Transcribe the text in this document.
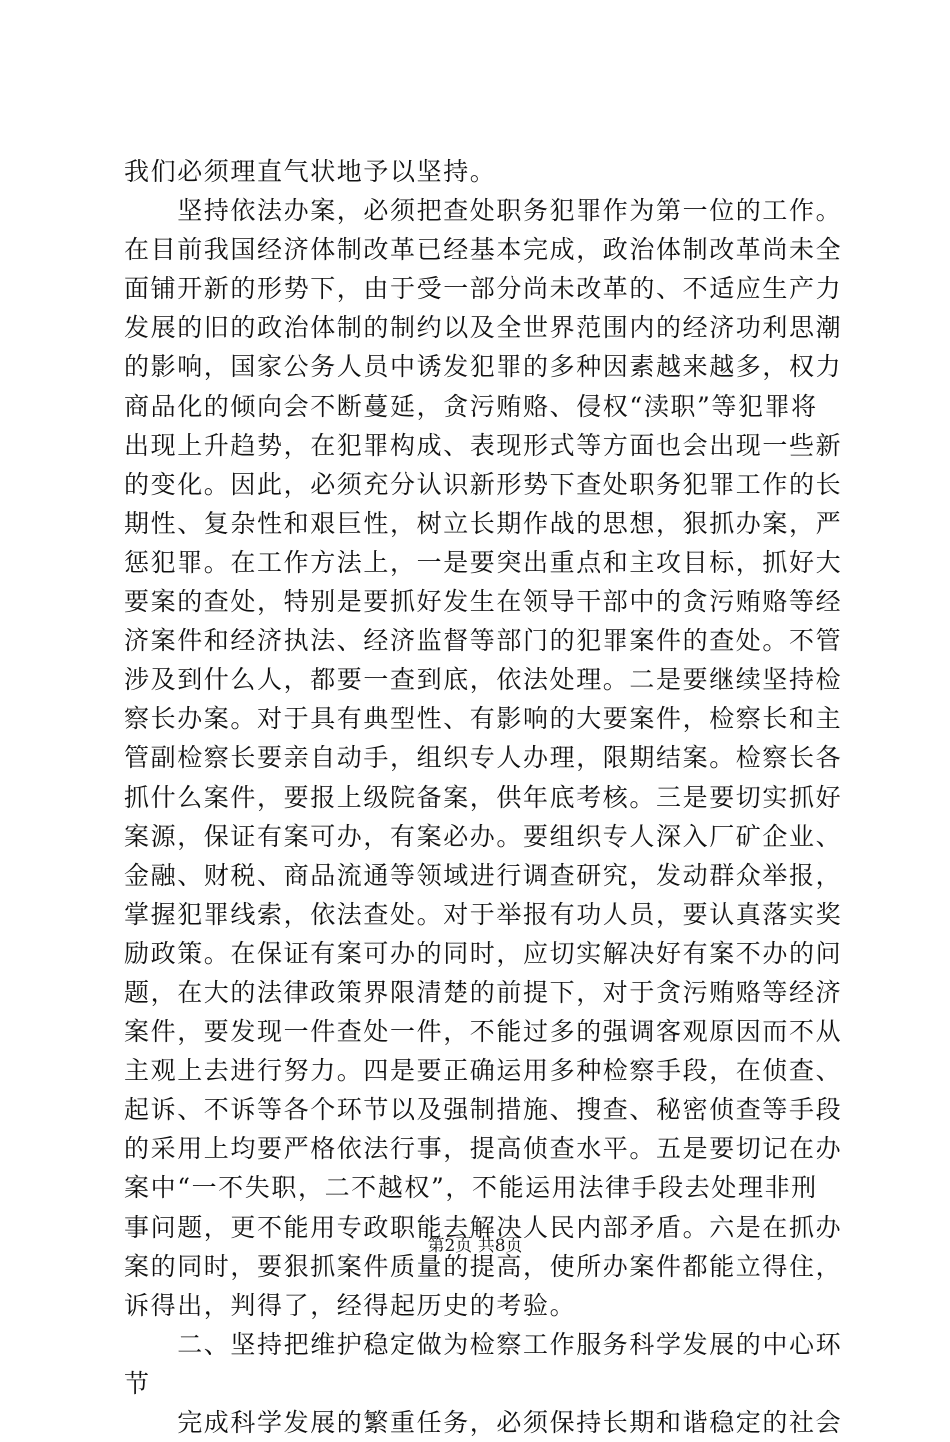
我们必须理直气状地予以坚持。
　　坚持依法办案，必须把查处职务犯罪作为第一位的工作。
在目前我国经济体制改革已经基本完成，政治体制改革尚未全
面铺开新的形势下，由于受一部分尚未改革的、不适应生产力
发展的旧的政治体制的制约以及全世界范围内的经济功利思潮
的影响，国家公务人员中诱发犯罪的多种因素越来越多，权力
商品化的倾向会不断蔓延，贪污贿赂、侵权“渎职”等犯罪将
出现上升趋势，在犯罪构成、表现形式等方面也会出现一些新
的变化。因此，必须充分认识新形势下查处职务犯罪工作的长
期性、复杂性和艰巨性，树立长期作战的思想，狠抓办案，严
惩犯罪。在工作方法上，一是要突出重点和主攻目标，抓好大
要案的查处，特别是要抓好发生在领导干部中的贪污贿赂等经
济案件和经济执法、经济监督等部门的犯罪案件的查处。不管
涉及到什么人，都要一查到底，依法处理。二是要继续坚持检
察长办案。对于具有典型性、有影响的大要案件，检察长和主
管副检察长要亲自动手，组织专人办理，限期结案。检察长各
抓什么案件，要报上级院备案，供年底考核。三是要切实抓好
案源，保证有案可办，有案必办。要组织专人深入厂矿企业、
金融、财税、商品流通等领域进行调查研究，发动群众举报，
掌握犯罪线索，依法查处。对于举报有功人员，要认真落实奖
励政策。在保证有案可办的同时，应切实解决好有案不办的问
题，在大的法律政策界限清楚的前提下，对于贪污贿赂等经济
案件，要发现一件查处一件，不能过多的强调客观原因而不从
主观上去进行努力。四是要正确运用多种检察手段，在侦查、
起诉、不诉等各个环节以及强制措施、搜查、秘密侦查等手段
的采用上均要严格依法行事，提高侦查水平。五是要切记在办
案中“一不失职，二不越权”，不能运用法律手段去处理非刑
事问题，更不能用专政职能去解决人民内部矛盾。六是在抓办
案的同时，要狠抓案件质量的提高，使所办案件都能立得住，
诉得出，判得了，经得起历史的考验。
　　二、坚持把维护稳定做为检察工作服务科学发展的中心环
节
　　完成科学发展的繁重任务，必须保持长期和谐稳定的社会
第2页 共8页
